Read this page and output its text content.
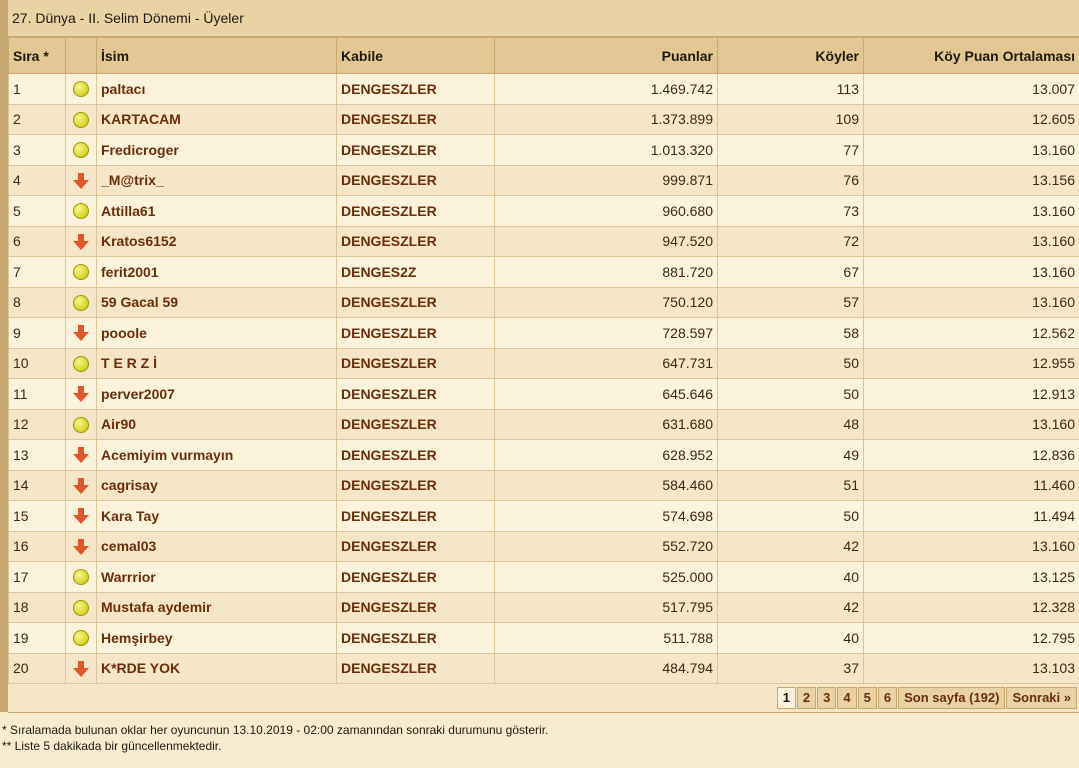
27. Dünya - II. Selim Dönemi - Üyeler
Sıra *		İsim	Kabile	Puanlar	Köyler	Köy Puan Ortalaması
1		paltacı	DENGESZLER	1.469.742	113	13.007
2		KARTACAM	DENGESZLER	1.373.899	109	12.605
3		Fredicroger	DENGESZLER	1.013.320	77	13.160
4		_M@trix_	DENGESZLER	999.871	76	13.156
5		Attilla61	DENGESZLER	960.680	73	13.160
6		Kratos6152	DENGESZLER	947.520	72	13.160
7		ferit2001	DENGES2Z	881.720	67	13.160
8		59 Gacal 59	DENGESZLER	750.120	57	13.160
9		pooole	DENGESZLER	728.597	58	12.562
10		T E R Z İ	DENGESZLER	647.731	50	12.955
11		perver2007	DENGESZLER	645.646	50	12.913
12		Air90	DENGESZLER	631.680	48	13.160
13		Acemiyim vurmayın	DENGESZLER	628.952	49	12.836
14		cagrisay	DENGESZLER	584.460	51	11.460
15		Kara Tay	DENGESZLER	574.698	50	11.494
16		cemal03	DENGESZLER	552.720	42	13.160
17		Warrrior	DENGESZLER	525.000	40	13.125
18		Mustafa aydemir	DENGESZLER	517.795	42	12.328
19		Hemşirbey	DENGESZLER	511.788	40	12.795
20		K*RDE YOK	DENGESZLER	484.794	37	13.103
1	2	3	4	5	6	Son sayfa (192)	Sonraki »
* Sıralamada bulunan oklar her oyuncunun 13.10.2019 - 02:00 zamanından sonraki durumunu gösterir.
** Liste 5 dakikada bir güncellenmektedir.
